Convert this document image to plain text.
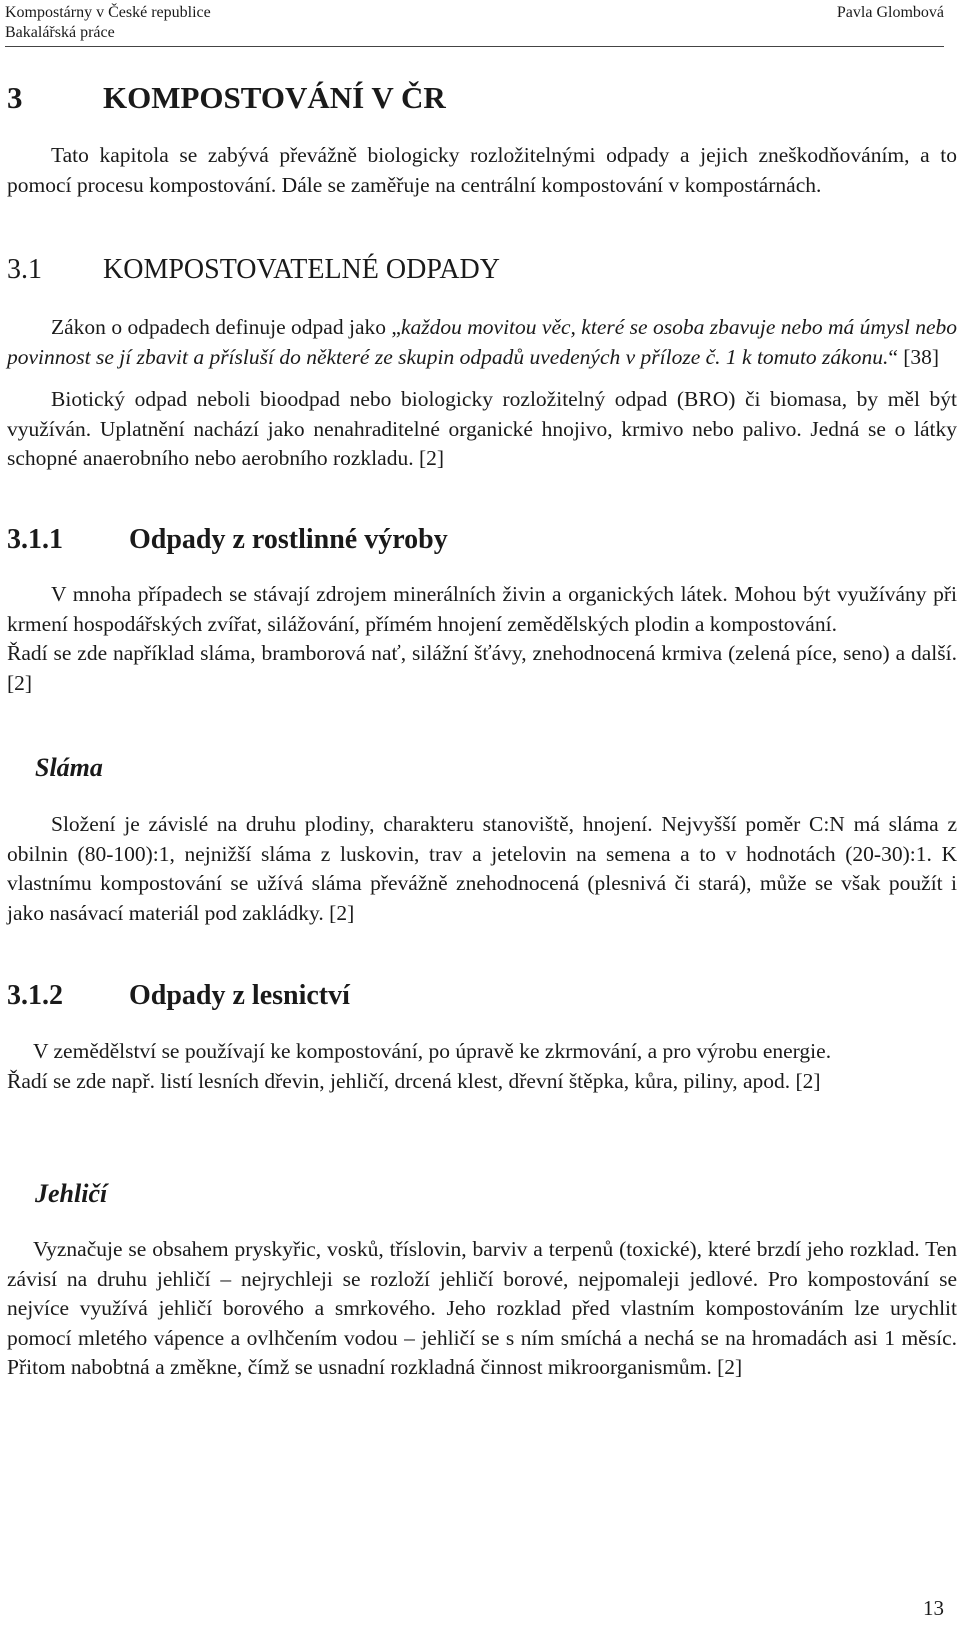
Kompostárny v České republice
Bakalářská práce
Pavla Glombová
3	KOMPOSTOVÁNÍ V ČR

Tato kapitola se zabývá převážně biologicky rozložitelnými odpady a jejich zneškodňováním, a to pomocí procesu kompostování. Dále se zaměřuje na centrální kompostování v kompostárnách.

3.1 KOMPOSTOVATELNÉ ODPADY

Zákon o odpadech definuje odpad jako „každou movitou věc, které se osoba zbavuje nebo má úmysl nebo povinnost se jí zbavit a přísluší do některé ze skupin odpadů uvedených v příloze č. 1 k tomuto zákonu.“ [38]

Biotický odpad neboli bioodpad nebo biologicky rozložitelný odpad (BRO) či biomasa, by měl být využíván. Uplatnění nachází jako nenahraditelné organické hnojivo, krmivo nebo palivo. Jedná se o látky schopné anaerobního nebo aerobního rozkladu. [2]

3.1.1 Odpady z rostlinné výroby

V mnoha případech se stávají zdrojem minerálních živin a organických látek. Mohou být využívány při krmení hospodářských zvířat, silážování, přímém hnojení zemědělských plodin a kompostování.

Řadí se zde například sláma, bramborová nať, silážní šťávy, znehodnocená krmiva (zelená píce, seno) a další. [2]

Sláma

Složení je závislé na druhu plodiny, charakteru stanoviště, hnojení. Nejvyšší poměr C:N má sláma z obilnin (80-100):1, nejnižší sláma z luskovin, trav a jetelovin na semena a to v hodnotách (20-30):1. K vlastnímu kompostování se užívá sláma převážně znehodnocená (plesnivá či stará), může se však použít i jako nasávací materiál pod zakládky. [2]

3.1.2 Odpady z lesnictví

V zemědělství se používají ke kompostování, po úpravě ke zkrmování, a pro výrobu energie.

Řadí se zde např. listí lesních dřevin, jehličí, drcená klest, dřevní štěpka, kůra, piliny, apod. [2]

Jehličí

Vyznačuje se obsahem pryskyřic, vosků, tříslovin, barviv a terpenů (toxické), které brzdí jeho rozklad. Ten závisí na druhu jehličí – nejrychleji se rozloží jehličí borové, nejpomaleji jedlové. Pro kompostování se nejvíce využívá jehličí borového a smrkového. Jeho rozklad před vlastním kompostováním lze urychlit pomocí mletého vápence a ovlhčením vodou – jehličí se s ním smíchá a nechá se na hromadách asi 1 měsíc. Přitom nabobtná a změkne, čímž se usnadní rozkladná činnost mikroorganismům. [2]

13
